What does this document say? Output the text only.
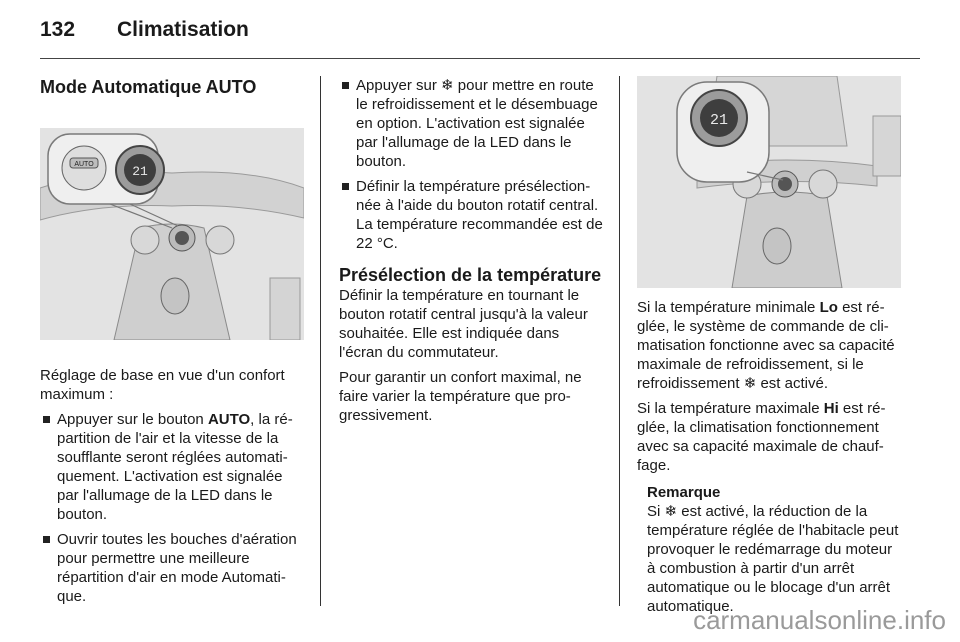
132 Climatisation
Mode Automatique AUTO
AUTO	21

Réglage de base en vue d'un confort maximum :

Appuyer sur le bouton AUTO, la répartition de l'air et la vitesse de la soufflante seront réglées automatiquement. L'activation est signalée par l'allumage de la LED dans le bouton.
Ouvrir toutes les bouches d'aération pour permettre une meilleure répartition d'air en mode Automatique.
Appuyer sur ❄ pour mettre en route le refroidissement et le désembuage en option. L'activation est signalée par l'allumage de la LED dans le bouton.
Définir la température présélectionnée à l'aide du bouton rotatif central. La température recommandée est de 22 °C.
Présélection de la température

Définir la température en tournant le bouton rotatif central jusqu'à la valeur souhaitée. Elle est indiquée dans l'écran du commutateur.

Pour garantir un confort maximal, ne faire varier la température que progressivement.

21

Si la température minimale Lo est réglée, le système de commande de climatisation fonctionne avec sa capacité maximale de refroidissement, si le refroidissement ❄ est activé.

Si la température maximale Hi est réglée, la climatisation fonctionnement avec sa capacité maximale de chauffage.

Remarque
Si ❄ est activé, la réduction de la température réglée de l'habitacle peut provoquer le redémarrage du moteur à combustion à partir d'un arrêt automatique ou le blocage d'un arrêt automatique.
carmanualsonline.info
